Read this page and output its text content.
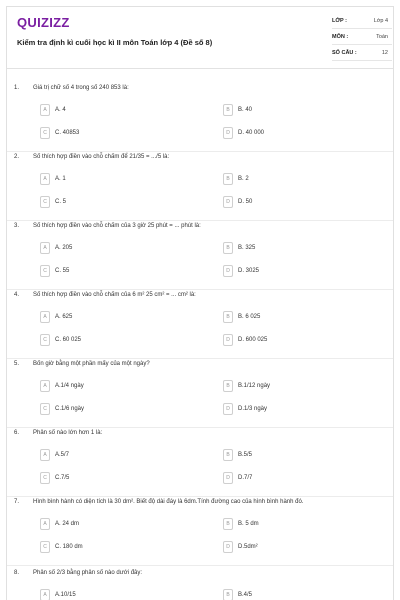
QUIZIZZ
Kiểm tra định kì cuối học kì II môn Toán lớp 4 (Đề số 8)
LỚP :	Lớp 4
MÔN :	Toán
SỐ CÂU :	12
1. Giá trị chữ số 4 trong số 240 853 là:
A	A. 4	B	B. 40
C	C. 40853	D	D. 40 000
2. Số thích hợp điền vào chỗ chấm để 21/35 = .../5 là:
A	A. 1	B	B. 2
C	C. 5	D	D. 50
3. Số thích hợp điền vào chỗ chấm của 3 giờ 25 phút = ... phút là:
A	A. 205	B	B. 325
C	C. 55	D	D. 3025
4. Số thích hợp điền vào chỗ chấm của 6 m² 25 cm² = ... cm² là:
A	A. 625	B	B. 6 025
C	C. 60 025	D	D. 600 025
5. Bốn giờ bằng một phần mấy của một ngày?
A	A.1/4 ngày	B	B.1/12 ngày
C	C.1/6 ngày	D	D.1/3 ngày
6. Phân số nào lớn hơn 1 là:
A	A.5/7	B	B.5/5
C	C.7/5	D	D.7/7
7. Hình bình hành có diện tích là 30 dm². Biết độ dài đáy là 6dm.Tính đường cao của hình bình hành đó.
A	A. 24 dm	B	B. 5 dm
C	C. 180 dm	D	D.5dm²
8. Phân số 2/3 bằng phân số nào dưới đây:
A	A.10/15	B	B.4/5
